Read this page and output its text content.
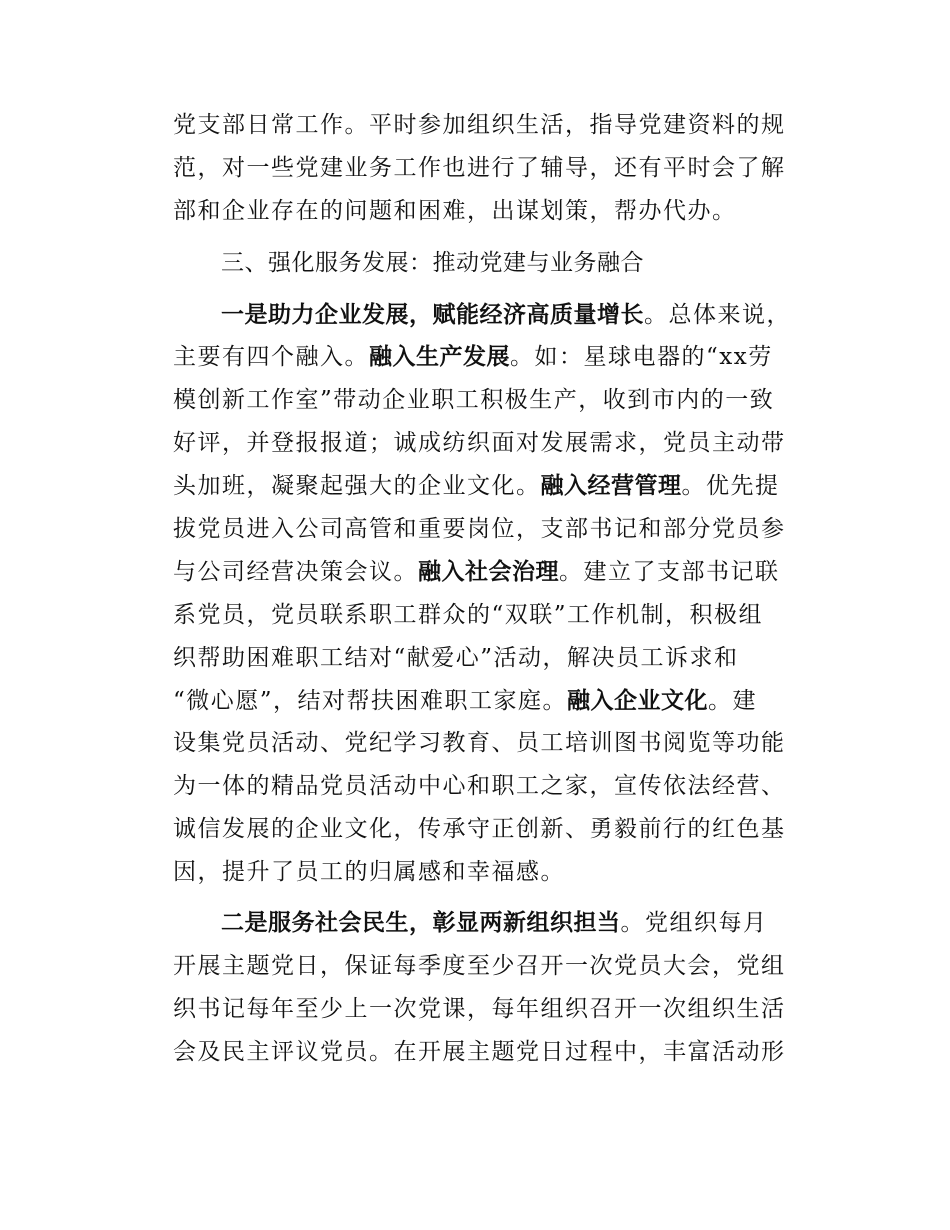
党支部日常工作。平时参加组织生活，指导党建资料的规
范，对一些党建业务工作也进行了辅导，还有平时会了解
部和企业存在的问题和困难，出谋划策，帮办代办。
三、强化服务发展：推动党建与业务融合
一是助力企业发展，赋能经济高质量增长。总体来说，
主要有四个融入。融入生产发展。如：星球电器的“xx劳
模创新工作室”带动企业职工积极生产，收到市内的一致
好评，并登报报道；诚成纺织面对发展需求，党员主动带
头加班，凝聚起强大的企业文化。融入经营管理。优先提
拔党员进入公司高管和重要岗位，支部书记和部分党员参
与公司经营决策会议。融入社会治理。建立了支部书记联
系党员，党员联系职工群众的“双联”工作机制，积极组
织帮助困难职工结对“献爱心”活动，解决员工诉求和
“微心愿”，结对帮扶困难职工家庭。融入企业文化。建
设集党员活动、党纪学习教育、员工培训图书阅览等功能
为一体的精品党员活动中心和职工之家，宣传依法经营、
诚信发展的企业文化，传承守正创新、勇毅前行的红色基
因，提升了员工的归属感和幸福感。
二是服务社会民生，彰显两新组织担当。党组织每月
开展主题党日，保证每季度至少召开一次党员大会，党组
织书记每年至少上一次党课，每年组织召开一次组织生活
会及民主评议党员。在开展主题党日过程中，丰富活动形
